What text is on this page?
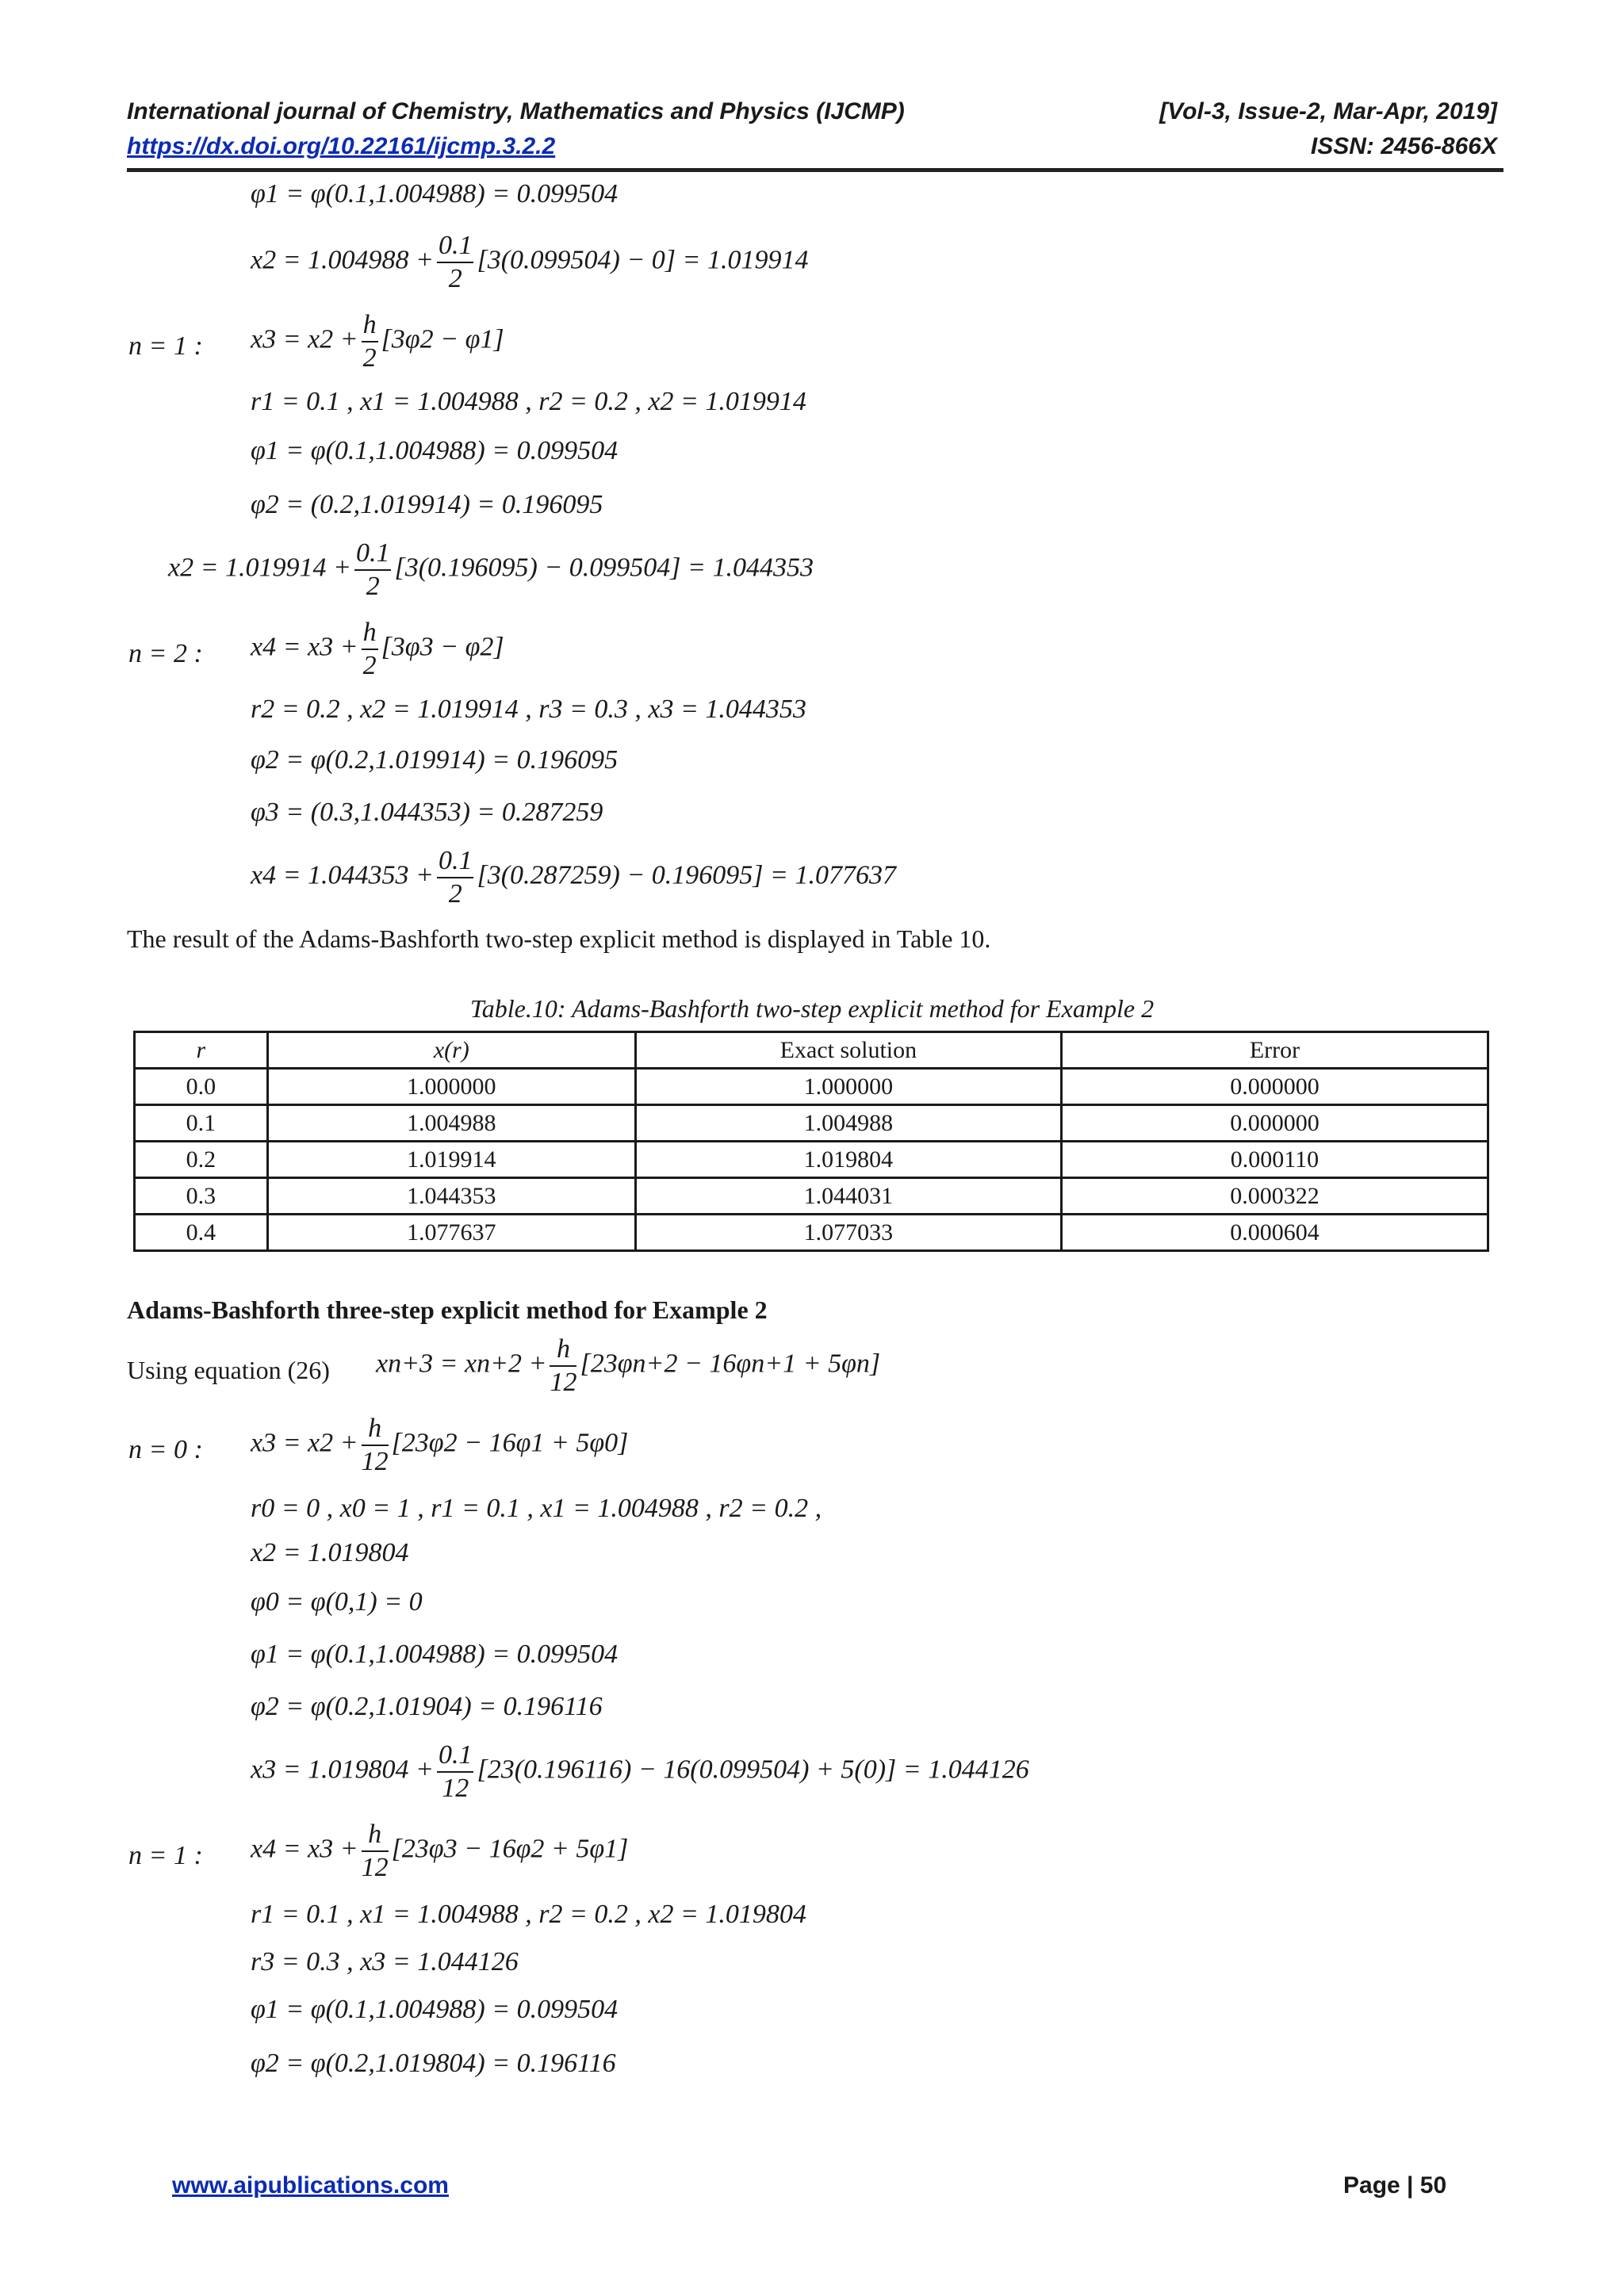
International journal of Chemistry, Mathematics and Physics (IJCMP)	[Vol-3, Issue-2, Mar-Apr, 2019]
https://dx.doi.org/10.22161/ijcmp.3.2.2	ISSN: 2456-866X
φ1 = φ(0.1,1.004988) = 0.099504
$x2 = 1.004988 + \frac{0.1}{2} [3(0.099504) - 0] = 1.019914$
n = 1 : $x3 = x2 + \frac{h}{2} [3\varphi 2 - \varphi 1]$
r1 = 0.1 , x1 = 1.004988 , r2 = 0.2 , x2 = 1.019914
φ1 = φ(0.1,1.004988) = 0.099504
φ2 = (0.2,1.019914) = 0.196095
$x2 = 1.019914 + \frac{0.1}{2} [3(0.196095) - 0.099504] = 1.044353$
n = 2 : $x4 = x3 + \frac{h}{2} [3\varphi 3 - \varphi 2]$
r2 = 0.2 , x2 = 1.019914 , r3 = 0.3 , x3 = 1.044353
φ2 = φ(0.2,1.019914) = 0.196095
φ3 = (0.3,1.044353) = 0.287259
$x4 = 1.044353 + \frac{0.1}{2} [3(0.287259) - 0.196095] = 1.077637$
The result of the Adams-Bashforth two-step explicit method is displayed in Table 10.
Table.10: Adams-Bashforth two-step explicit method for Example 2
r	x(r)	Exact solution	Error
0.0	1.000000	1.000000	0.000000
0.1	1.004988	1.004988	0.000000
0.2	1.019914	1.019804	0.000110
0.3	1.044353	1.044031	0.000322
0.4	1.077637	1.077033	0.000604
Adams-Bashforth three-step explicit method for Example 2
Using equation (26) $xn+3 = xn+2 + \frac{h}{12} [23\varphi n+2 - 16\varphi n+1 + 5\varphi n]$
n = 0 : $x3 = x2 + \frac{h}{12} [23\varphi 2 - 16\varphi 1 + 5\varphi 0]$
r0 = 0 , x0 = 1 , r1 = 0.1 , x1 = 1.004988 , r2 = 0.2 ,
x2 = 1.019804
φ0 = φ(0,1) = 0
φ1 = φ(0.1,1.004988) = 0.099504
φ2 = φ(0.2,1.01904) = 0.196116
$x3 = 1.019804 + \frac{0.1}{12} [23(0.196116) - 16(0.099504) + 5(0)] = 1.044126$
n = 1 : $x4 = x3 + \frac{h}{12} [23\varphi 3 - 16\varphi 2 + 5\varphi 1]$
r1 = 0.1 , x1 = 1.004988 , r2 = 0.2 , x2 = 1.019804
r3 = 0.3 , x3 = 1.044126
φ1 = φ(0.1,1.004988) = 0.099504
φ2 = φ(0.2,1.019804) = 0.196116
www.aipublications.com	Page | 50
